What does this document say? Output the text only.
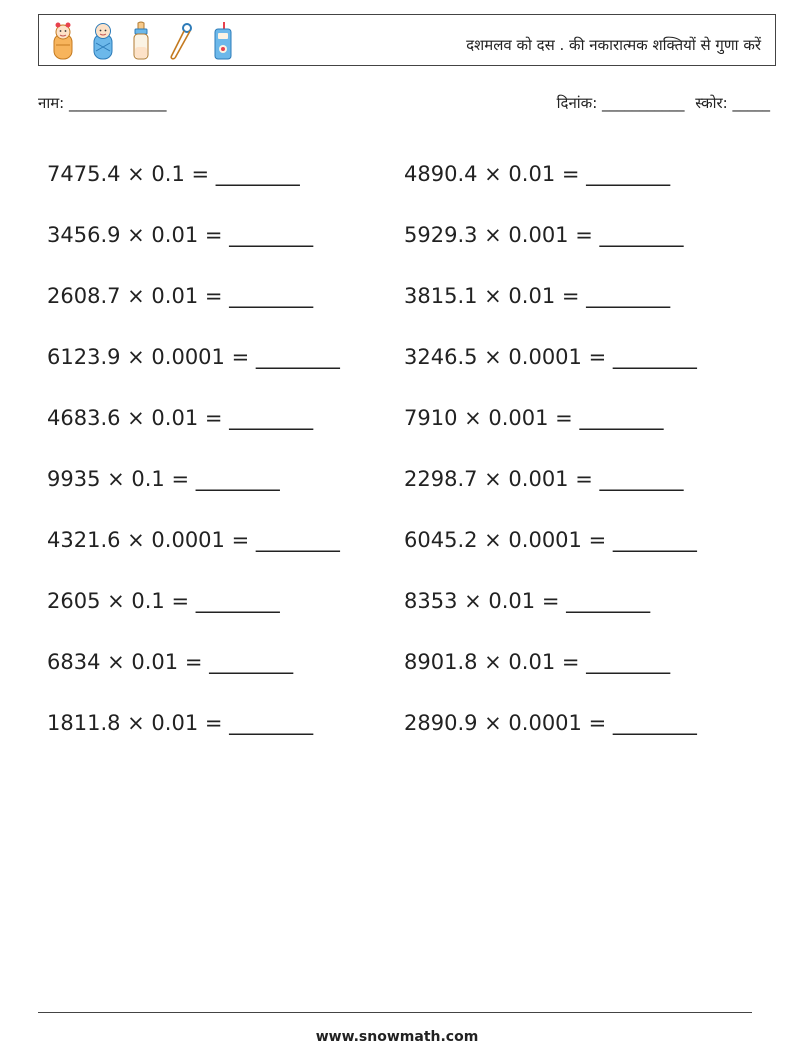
दशमलव को दस . की नकारात्मक शक्तियों से गुणा करें
नाम: _____________	दिनांक: ___________ स्कोर: _____
7475.4 × 0.1 = ________	4890.4 × 0.01 = ________
3456.9 × 0.01 = ________	5929.3 × 0.001 = ________
2608.7 × 0.01 = ________	3815.1 × 0.01 = ________
6123.9 × 0.0001 = ________	3246.5 × 0.0001 = ________
4683.6 × 0.01 = ________	7910 × 0.001 = ________
9935 × 0.1 = ________	2298.7 × 0.001 = ________
4321.6 × 0.0001 = ________	6045.2 × 0.0001 = ________
2605 × 0.1 = ________	8353 × 0.01 = ________
6834 × 0.01 = ________	8901.8 × 0.01 = ________
1811.8 × 0.01 = ________	2890.9 × 0.0001 = ________
www.snowmath.com
